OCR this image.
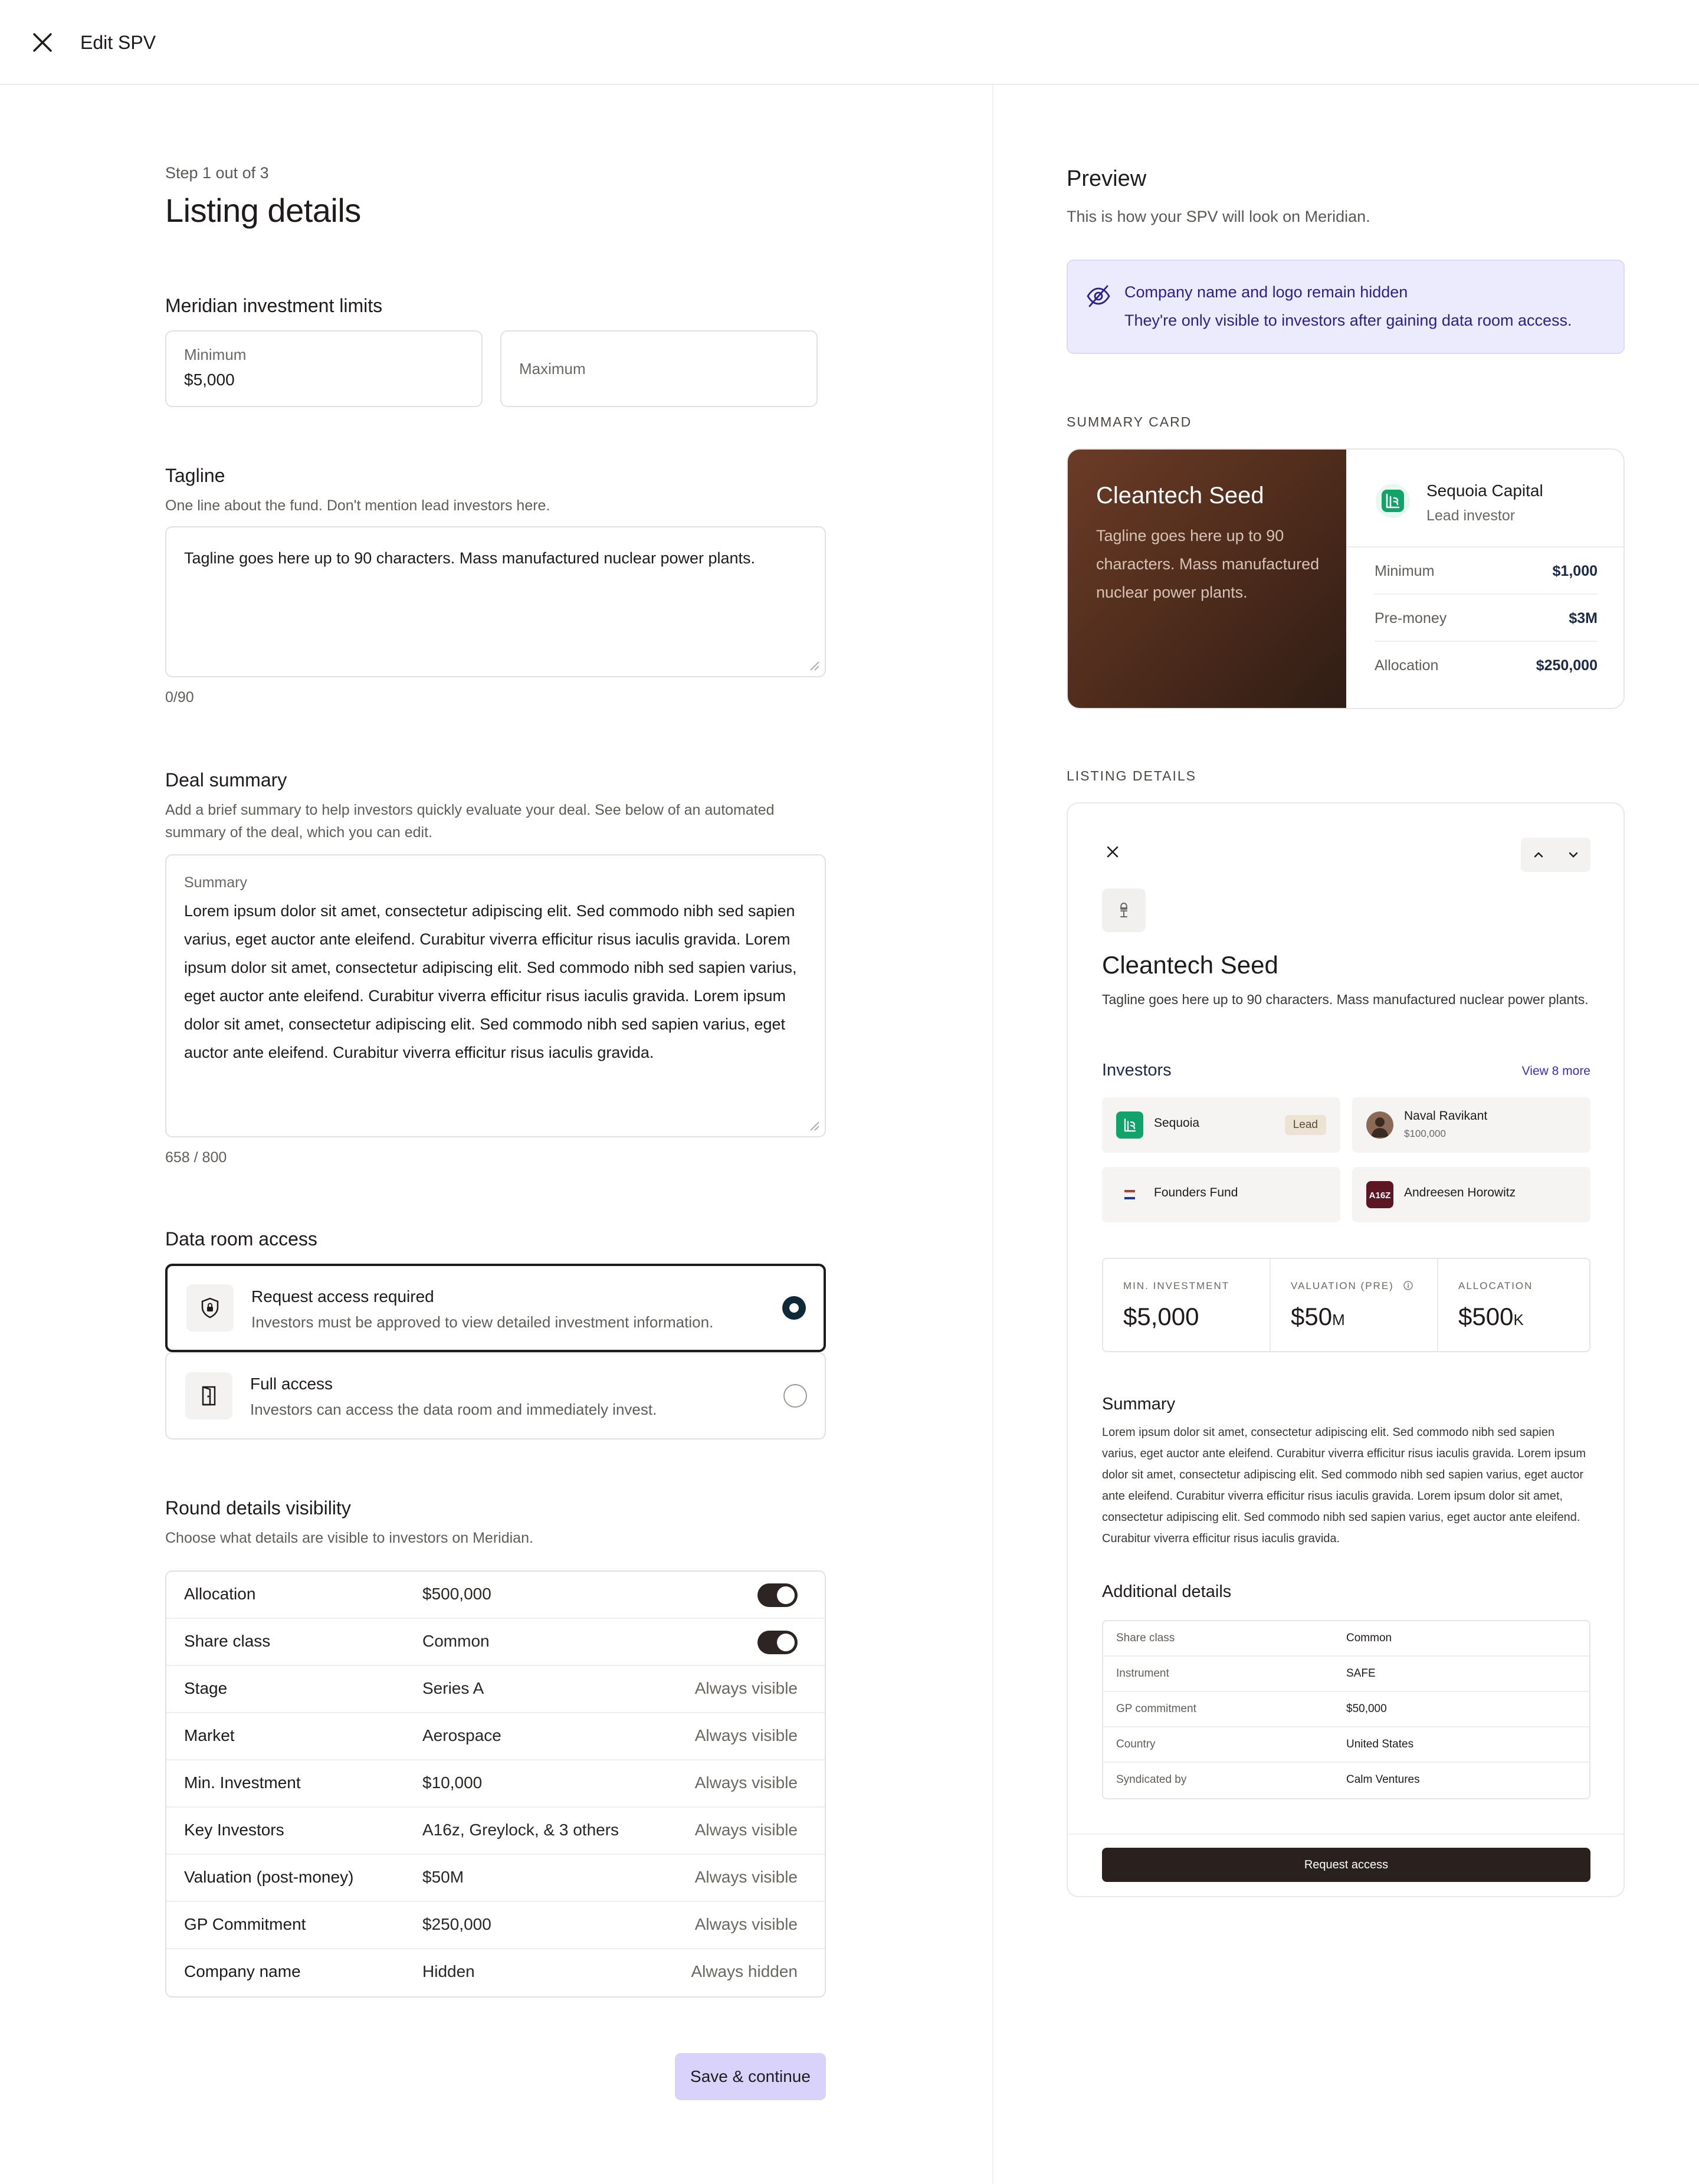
Edit SPV
Step 1 out of 3
Listing details
Meridian investment limits
Minimum
$5,000
Maximum
Tagline
One line about the fund. Don't mention lead investors here.
Tagline goes here up to 90 characters. Mass manufactured nuclear power plants.
0/90
Deal summary
Add a brief summary to help investors quickly evaluate your deal. See below of an automated summary of the deal, which you can edit.
Summary
Lorem ipsum dolor sit amet, consectetur adipiscing elit. Sed commodo nibh sed sapien varius, eget auctor ante eleifend. Curabitur viverra efficitur risus iaculis gravida. Lorem ipsum dolor sit amet, consectetur adipiscing elit. Sed commodo nibh sed sapien varius, eget auctor ante eleifend. Curabitur viverra efficitur risus iaculis gravida. Lorem ipsum dolor sit amet, consectetur adipiscing elit. Sed commodo nibh sed sapien varius, eget auctor ante eleifend. Curabitur viverra efficitur risus iaculis gravida.
658 / 800
Data room access
Request access required
Investors must be approved to view detailed investment information.
Full access
Investors can access the data room and immediately invest.
Round details visibility
Choose what details are visible to investors on Meridian.
Allocation	$500,000
Share class	Common
Stage	Series A	Always visible
Market	Aerospace	Always visible
Min. Investment	$10,000	Always visible
Key Investors	A16z, Greylock, & 3 others	Always visible
Valuation (post-money)	$50M	Always visible
GP Commitment	$250,000	Always visible
Company name	Hidden	Always hidden
Save & continue
Preview
This is how your SPV will look on Meridian.
Company name and logo remain hidden
They're only visible to investors after gaining data room access.
SUMMARY CARD
Cleantech Seed
Tagline goes here up to 90 characters. Mass manufactured nuclear power plants.
Sequoia Capital
Lead investor
Minimum	$1,000
Pre-money	$3M
Allocation	$250,000
LISTING DETAILS
Cleantech Seed
Tagline goes here up to 90 characters. Mass manufactured nuclear power plants.
Investors	View 8 more
Sequoia	Lead
Naval Ravikant
$100,000
Founders Fund	A16Z Andreesen Horowitz
MIN. INVESTMENT
$5,000
VALUATION (PRE)
$50M
ALLOCATION
$500K
Summary
Lorem ipsum dolor sit amet, consectetur adipiscing elit. Sed commodo nibh sed sapien varius, eget auctor ante eleifend. Curabitur viverra efficitur risus iaculis gravida. Lorem ipsum dolor sit amet, consectetur adipiscing elit. Sed commodo nibh sed sapien varius, eget auctor ante eleifend. Curabitur viverra efficitur risus iaculis gravida. Lorem ipsum dolor sit amet, consectetur adipiscing elit. Sed commodo nibh sed sapien varius, eget auctor ante eleifend. Curabitur viverra efficitur risus iaculis gravida.
Additional details
Share class	Common
Instrument	SAFE
GP commitment	$50,000
Country	United States
Syndicated by	Calm Ventures
Request access
